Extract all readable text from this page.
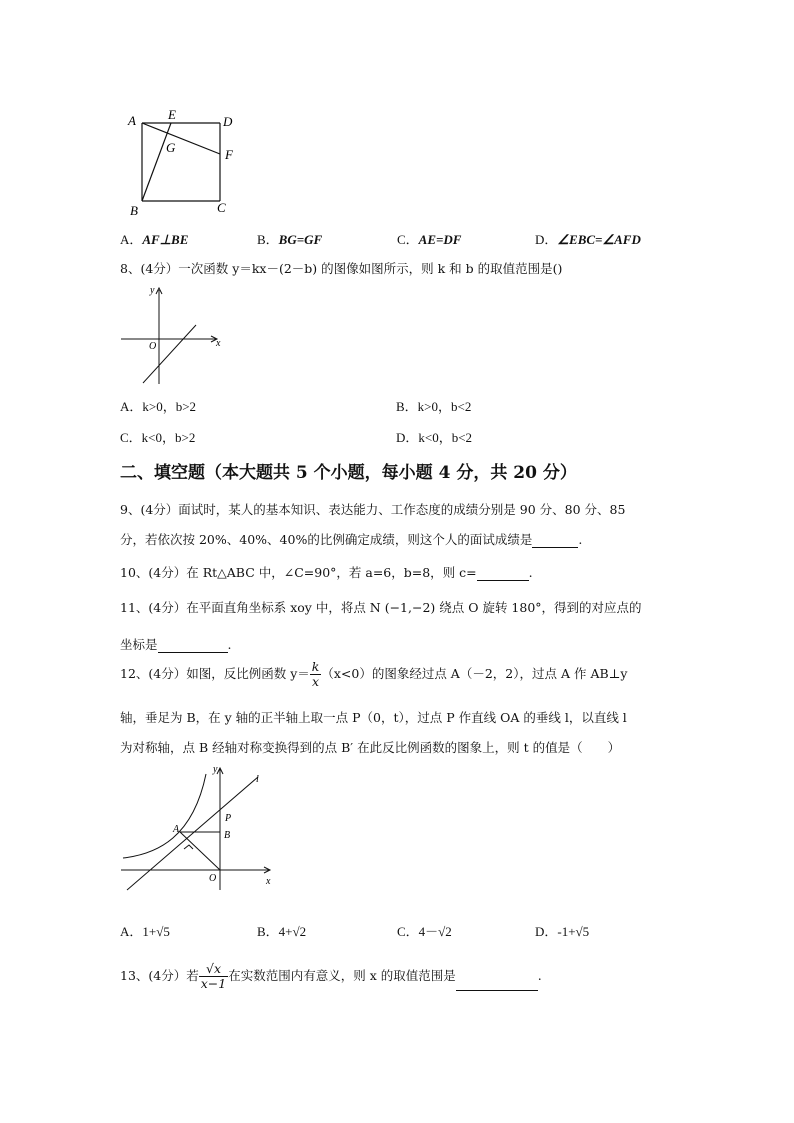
A E	D
G	F
B	C
A．AF⊥BE	B．BG=GF	C．AE=DF	D．∠EBC=∠AFD
8、(4分）一次函数 y＝kx－(2－b) 的图像如图所示，则 k 和 b 的取值范围是()
y
x
O
A．k>0，b>2	B．k>0，b<2
C．k<0，b>2	D．k<0，b<2
二、填空题（本大题共 5 个小题，每小题 4 分，共 20 分）
9、(4分）面试时，某人的基本知识、表达能力、工作态度的成绩分别是 90 分、80 分、85
分，若依次按 20%、40%、40%的比例确定成绩，则这个人的面试成绩是	.
10、(4分）在 Rt△ABC 中，∠C=90°，若 a=6，b=8，则 c=	.
11、(4分）在平面直角坐标系 xoy 中，将点 N (−1,−2) 绕点 O 旋转 180°，得到的对应点的
坐标是	.
12、(4分）如图，反比例函数 $y= \frac{k}{x} (x<0)$的图象经过点 A（－2，2），过点 A 作 AB⊥y
轴，垂足为 B，在 y 轴的正半轴上取一点 P（0，t），过点 P 作直线 OA 的垂线 l，以直线 l
为对称轴，点 B 经轴对称变换得到的点 B′ 在此反比例函数的图象上，则 t 的值是（　　）
y
l
P
A
B
O	x
A．1+√5	B．4+√2	C．4－√2	D．-1+√5
13、(4分）若 $\frac{√x}{x-1}$ 在实数范围内有意义，则 x 的取值范围是	.
